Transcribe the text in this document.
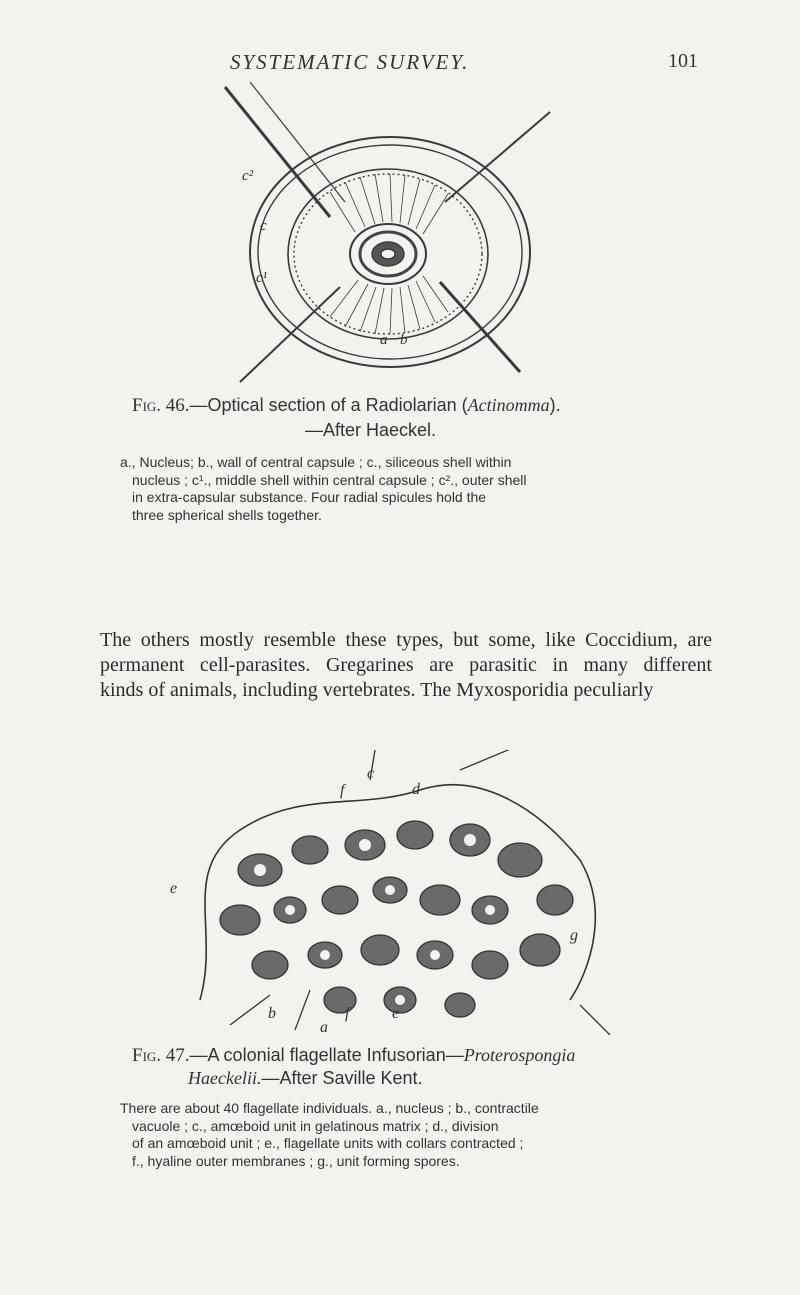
SYSTEMATIC SURVEY.	101
c²
c
c¹
a b
Fig. 46.—Optical section of a Radiolarian (Actinomma).
—After Haeckel.
a., Nucleus; b., wall of central capsule ; c., siliceous shell within
nucleus ; c¹., middle shell within central capsule ; c²., outer shell
in extra-capsular substance. Four radial spicules hold the
three spherical shells together.
The others mostly resemble these types, but some, like Coccidium, are
permanent cell-parasites. Gregarines are parasitic in many different
kinds of animals, including vertebrates. The Myxosporidia peculiarly
c
d
f
e
b
a
f	e
g
Fig. 47.—A colonial flagellate Infusorian—Proterospongia
Haeckelii.—After Saville Kent.
There are about 40 flagellate individuals. a., nucleus ; b., contractile
vacuole ; c., amœboid unit in gelatinous matrix ; d., division
of an amœboid unit ; e., flagellate units with collars contracted ;
f., hyaline outer membranes ; g., unit forming spores.
